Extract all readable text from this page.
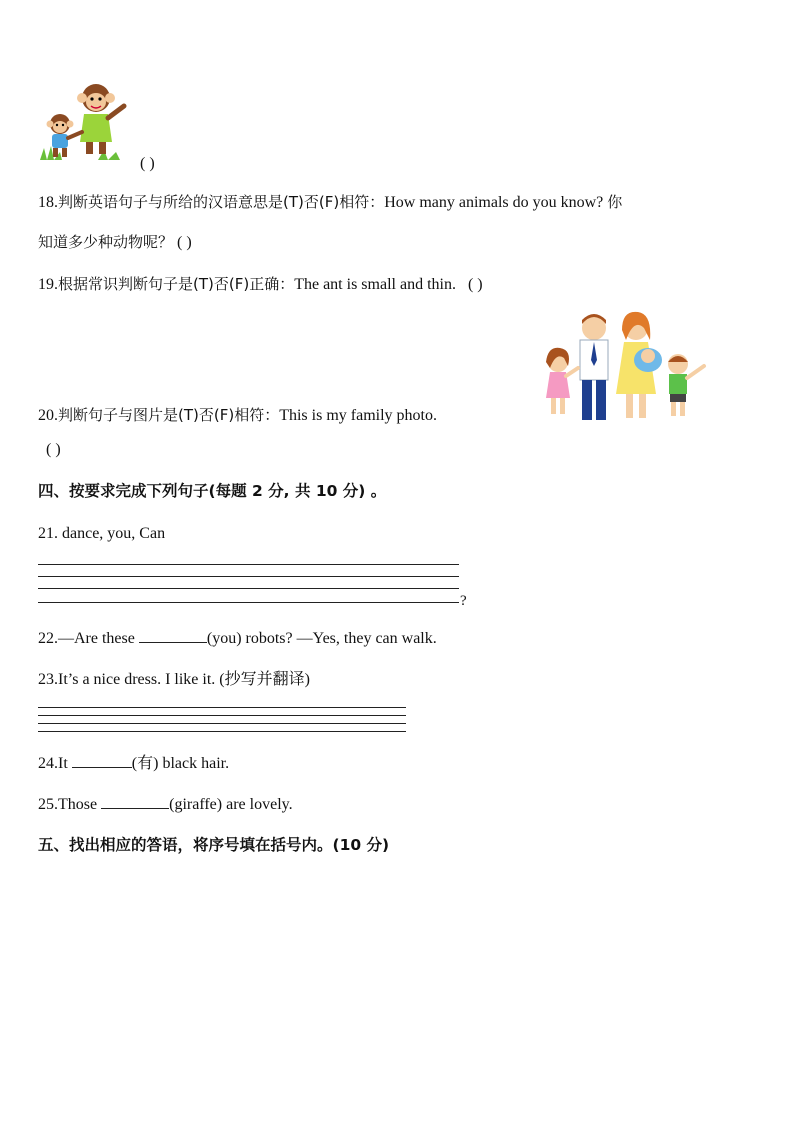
( )
18.判断英语句子与所给的汉语意思是(T)否(F)相符：How many animals do you know? 你
知道多少种动物呢？ ( )
19.根据常识判断句子是(T)否(F)正确：The ant is small and thin. ( )
20.判断句子与图片是(T)否(F)相符：This is my family photo.
( )
四、按要求完成下列句子(每题 2 分, 共 10 分) 。
21. dance, you, Can
?
22.—Are these	(you) robots? —Yes, they can walk.
23.It’s a nice dress. I like it. (抄写并翻译)
24.It	(有) black hair.
25.Those	(giraffe) are lovely.
五、找出相应的答语，将序号填在括号内。(10 分)
